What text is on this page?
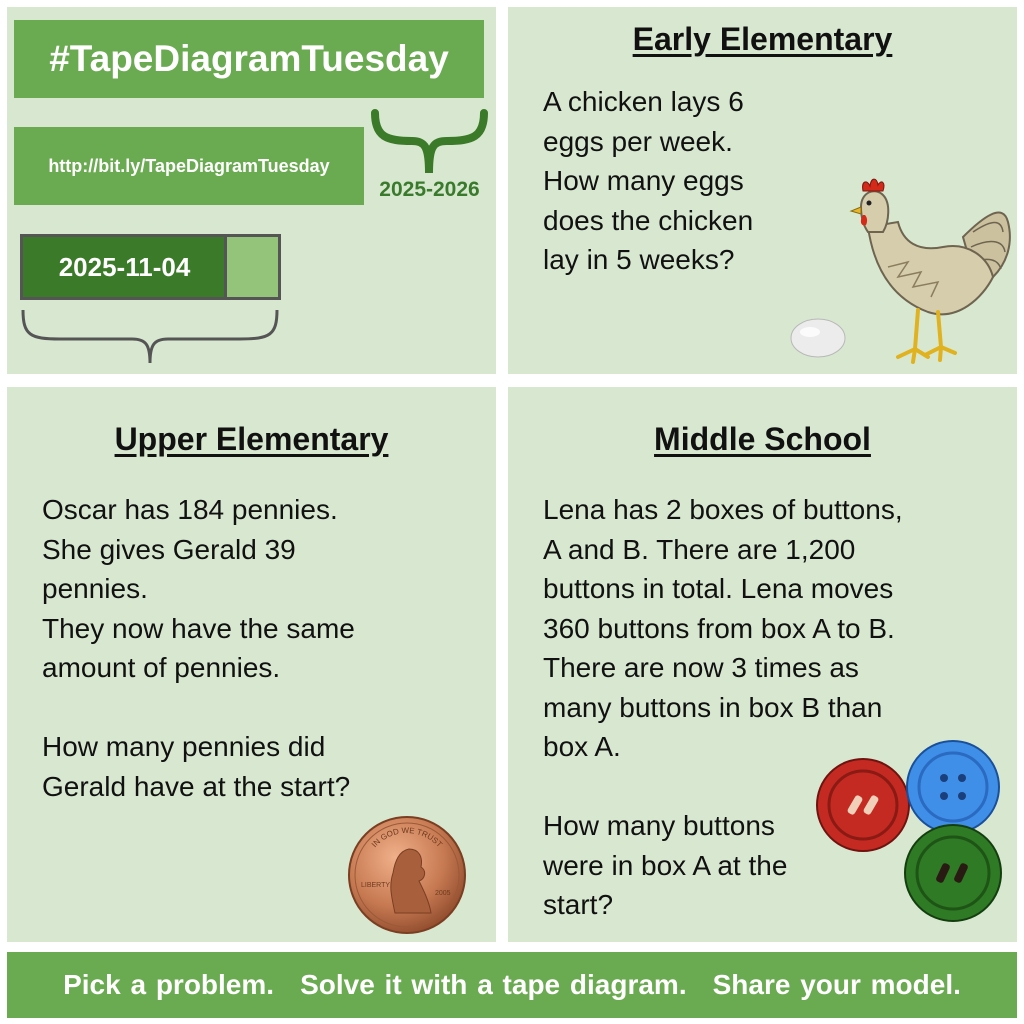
#TapeDiagramTuesday
http://bit.ly/TapeDiagramTuesday
2025-2026
2025-11-04
Early Elementary
A chicken lays 6
eggs per week.
How many eggs
does the chicken
lay in 5 weeks?
Upper Elementary
Oscar has 184 pennies.
She gives Gerald 39
pennies.
They now have the same
amount of pennies.

How many pennies did
Gerald have at the start?
IN GOD WE TRUST
LIBERTY
2005
Middle School
Lena has 2 boxes of buttons,
A and B. There are 1,200
buttons in total. Lena moves
360 buttons from box A to B.
There are now 3 times as
many buttons in box B than
box A.

How many buttons
were in box A at the
start?
Pick a problem. Solve it with a tape diagram. Share your model.
